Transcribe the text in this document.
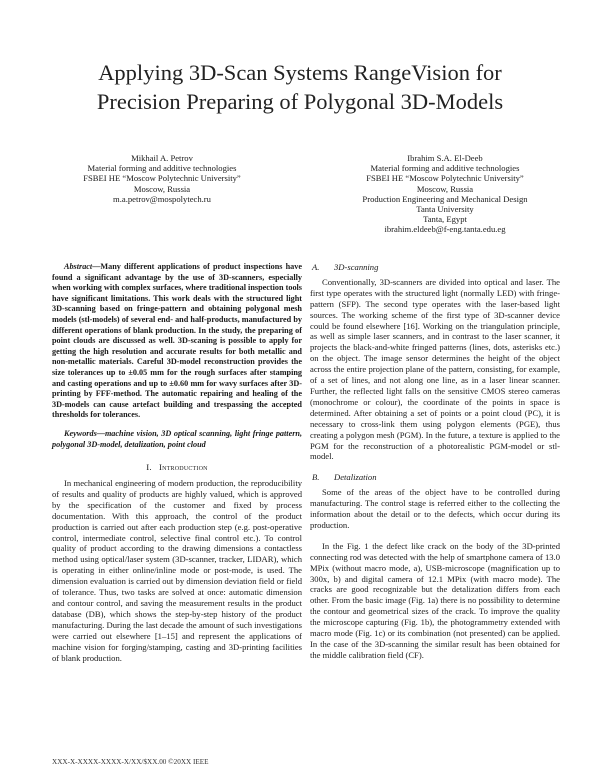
Applying 3D-Scan Systems RangeVision for
Precision Preparing of Polygonal 3D-Models
Mikhail A. Petrov
Material forming and additive technologies
FSBEI HE “Moscow Polytechnic University”
Moscow, Russia
m.a.petrov@mospolytech.ru
Ibrahim S.A. El-Deeb
Material forming and additive technologies
FSBEI HE “Moscow Polytechnic University”
Moscow, Russia
Production Engineering and Mechanical Design
Tanta University
Tanta, Egypt
ibrahim.eldeeb@f-eng.tanta.edu.eg

Abstract—Many different applications of product inspections have found a significant advantage by the use of 3D-scanners, especially when working with complex surfaces, where traditional inspection tools have significant limitations. This work deals with the structured light 3D-scanning based on fringe-pattern and obtaining polygonal mesh models (stl-models) of several end- and half-products, manufactured by different operations of blank production. In the study, the preparing of point clouds are discussed as well. 3D-scaning is possible to apply for getting the high resolution and accurate results for both metallic and non-metallic materials. Careful 3D-model reconstruction provides the size tolerances up to ±0.05 mm for the rough surfaces after stamping and casting operations and up to ±0.60 mm for wavy surfaces after 3D-printing by FFF-method. The automatic repairing and healing of the 3D-models can cause artefact building and trespassing the accepted thresholds for tolerances.

Keywords—machine vision, 3D optical scanning, light fringe pattern, polygonal 3D-model, detalization, point cloud

I. Introduction

In mechanical engineering of modern production, the reproducibility of results and quality of products are highly valued, which is approved by the specification of the customer and fixed by process documentation. With this approach, the control of the product production is carried out after each production step (e.g. post-operative control, intermediate control, selective final control etc.). To control quality of product according to the drawing dimensions a contactless method using optical/laser system (3D-scanner, tracker, LIDAR), which is operating in either online/inline mode or post-mode, is used. The dimension evaluation is carried out by dimension deviation field or field of tolerance. Thus, two tasks are solved at once: automatic dimension and contour control, and saving the measurement results in the product database (DB), which shows the step-by-step history of the product manufacturing. During the last decade the amount of such investigations were carried out elsewhere [1–15] and represent the applications of machine vision for forging/stamping, casting and 3D-printing facilities of blank production.

A. 3D-scanning

Conventionally, 3D-scanners are divided into optical and laser. The first type operates with the structured light (normally LED) with fringe-pattern (SFP). The second type operates with the laser-based light sources. The working scheme of the first type of 3D-scanner device could be found elsewhere [16]. Working on the triangulation principle, as well as simple laser scanners, and in contrast to the laser scanner, it projects the black-and-white fringed patterns (lines, dots, asterisks etc.) on the object. The image sensor determines the height of the object across the entire projection plane of the pattern, consisting, for example, of a set of lines, and not along one line, as in a laser linear scanner. Further, the reflected light falls on the sensitive CMOS stereo cameras (monochrome or colour), the coordinate of the points in space is determined. After obtaining a set of points or a point cloud (PC), it is necessary to cross-link them using polygon elements (PGE), thus creating a polygon mesh (PGM). In the future, a texture is applied to the PGM for the reconstruction of a photorealistic PGM-model or stl-model.

B. Detalization

Some of the areas of the object have to be controlled during manufacturing. The control stage is referred either to the collecting the information about the detail or to the defects, which occur during its production.

In the Fig. 1 the defect like crack on the body of the 3D-printed connecting rod was detected with the help of smartphone camera of 13.0 MPix (without macro mode, a), USB-microscope (magnification up to 300x, b) and digital camera of 12.1 MPix (with macro mode). The cracks are good recognizable but the detalization differs from each other. From the basic image (Fig. 1a) there is no possibility to determine the contour and geometrical sizes of the crack. To improve the quality the microscope capturing (Fig. 1b), the photogrammetry extended with macro mode (Fig. 1c) or its combination (not presented) can be applied. In the case of the 3D-scanning the similar result has been obtained for the middle calibration field (CF).

XXX-X-XXXX-XXXX-X/XX/$XX.00 ©20XX IEEE
